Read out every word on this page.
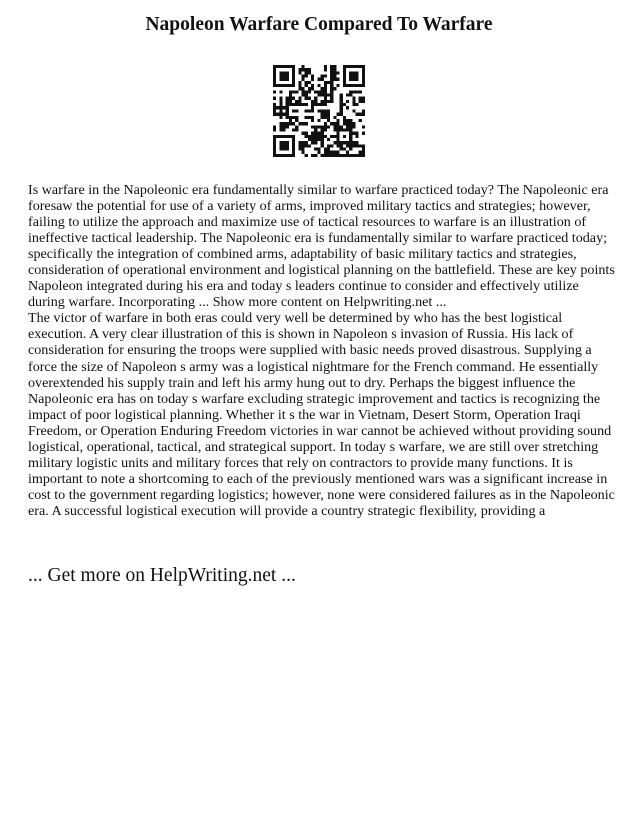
Napoleon Warfare Compared To Warfare

Is warfare in the Napoleonic era fundamentally similar to warfare practiced today? The Napoleonic era foresaw the potential for use of a variety of arms, improved military tactics and strategies; however, failing to utilize the approach and maximize use of tactical resources to warfare is an illustration of ineffective tactical leadership. The Napoleonic era is fundamentally similar to warfare practiced today; specifically the integration of combined arms, adaptability of basic military tactics and strategies, consideration of operational environment and logistical planning on the battlefield. These are key points Napoleon integrated during his era and today s leaders continue to consider and effectively utilize during warfare. Incorporating ... Show more content on Helpwriting.net ...

The victor of warfare in both eras could very well be determined by who has the best logistical execution. A very clear illustration of this is shown in Napoleon s invasion of Russia. His lack of consideration for ensuring the troops were supplied with basic needs proved disastrous. Supplying a force the size of Napoleon s army was a logistical nightmare for the French command. He essentially overextended his supply train and left his army hung out to dry. Perhaps the biggest influence the Napoleonic era has on today s warfare excluding strategic improvement and tactics is recognizing the impact of poor logistical planning. Whether it s the war in Vietnam, Desert Storm, Operation Iraqi Freedom, or Operation Enduring Freedom victories in war cannot be achieved without providing sound logistical, operational, tactical, and strategical support. In today s warfare, we are still over stretching military logistic units and military forces that rely on contractors to provide many functions. It is important to note a shortcoming to each of the previously mentioned wars was a significant increase in cost to the government regarding logistics; however, none were considered failures as in the Napoleonic era. A successful logistical execution will provide a country strategic flexibility, providing a

... Get more on HelpWriting.net ...
